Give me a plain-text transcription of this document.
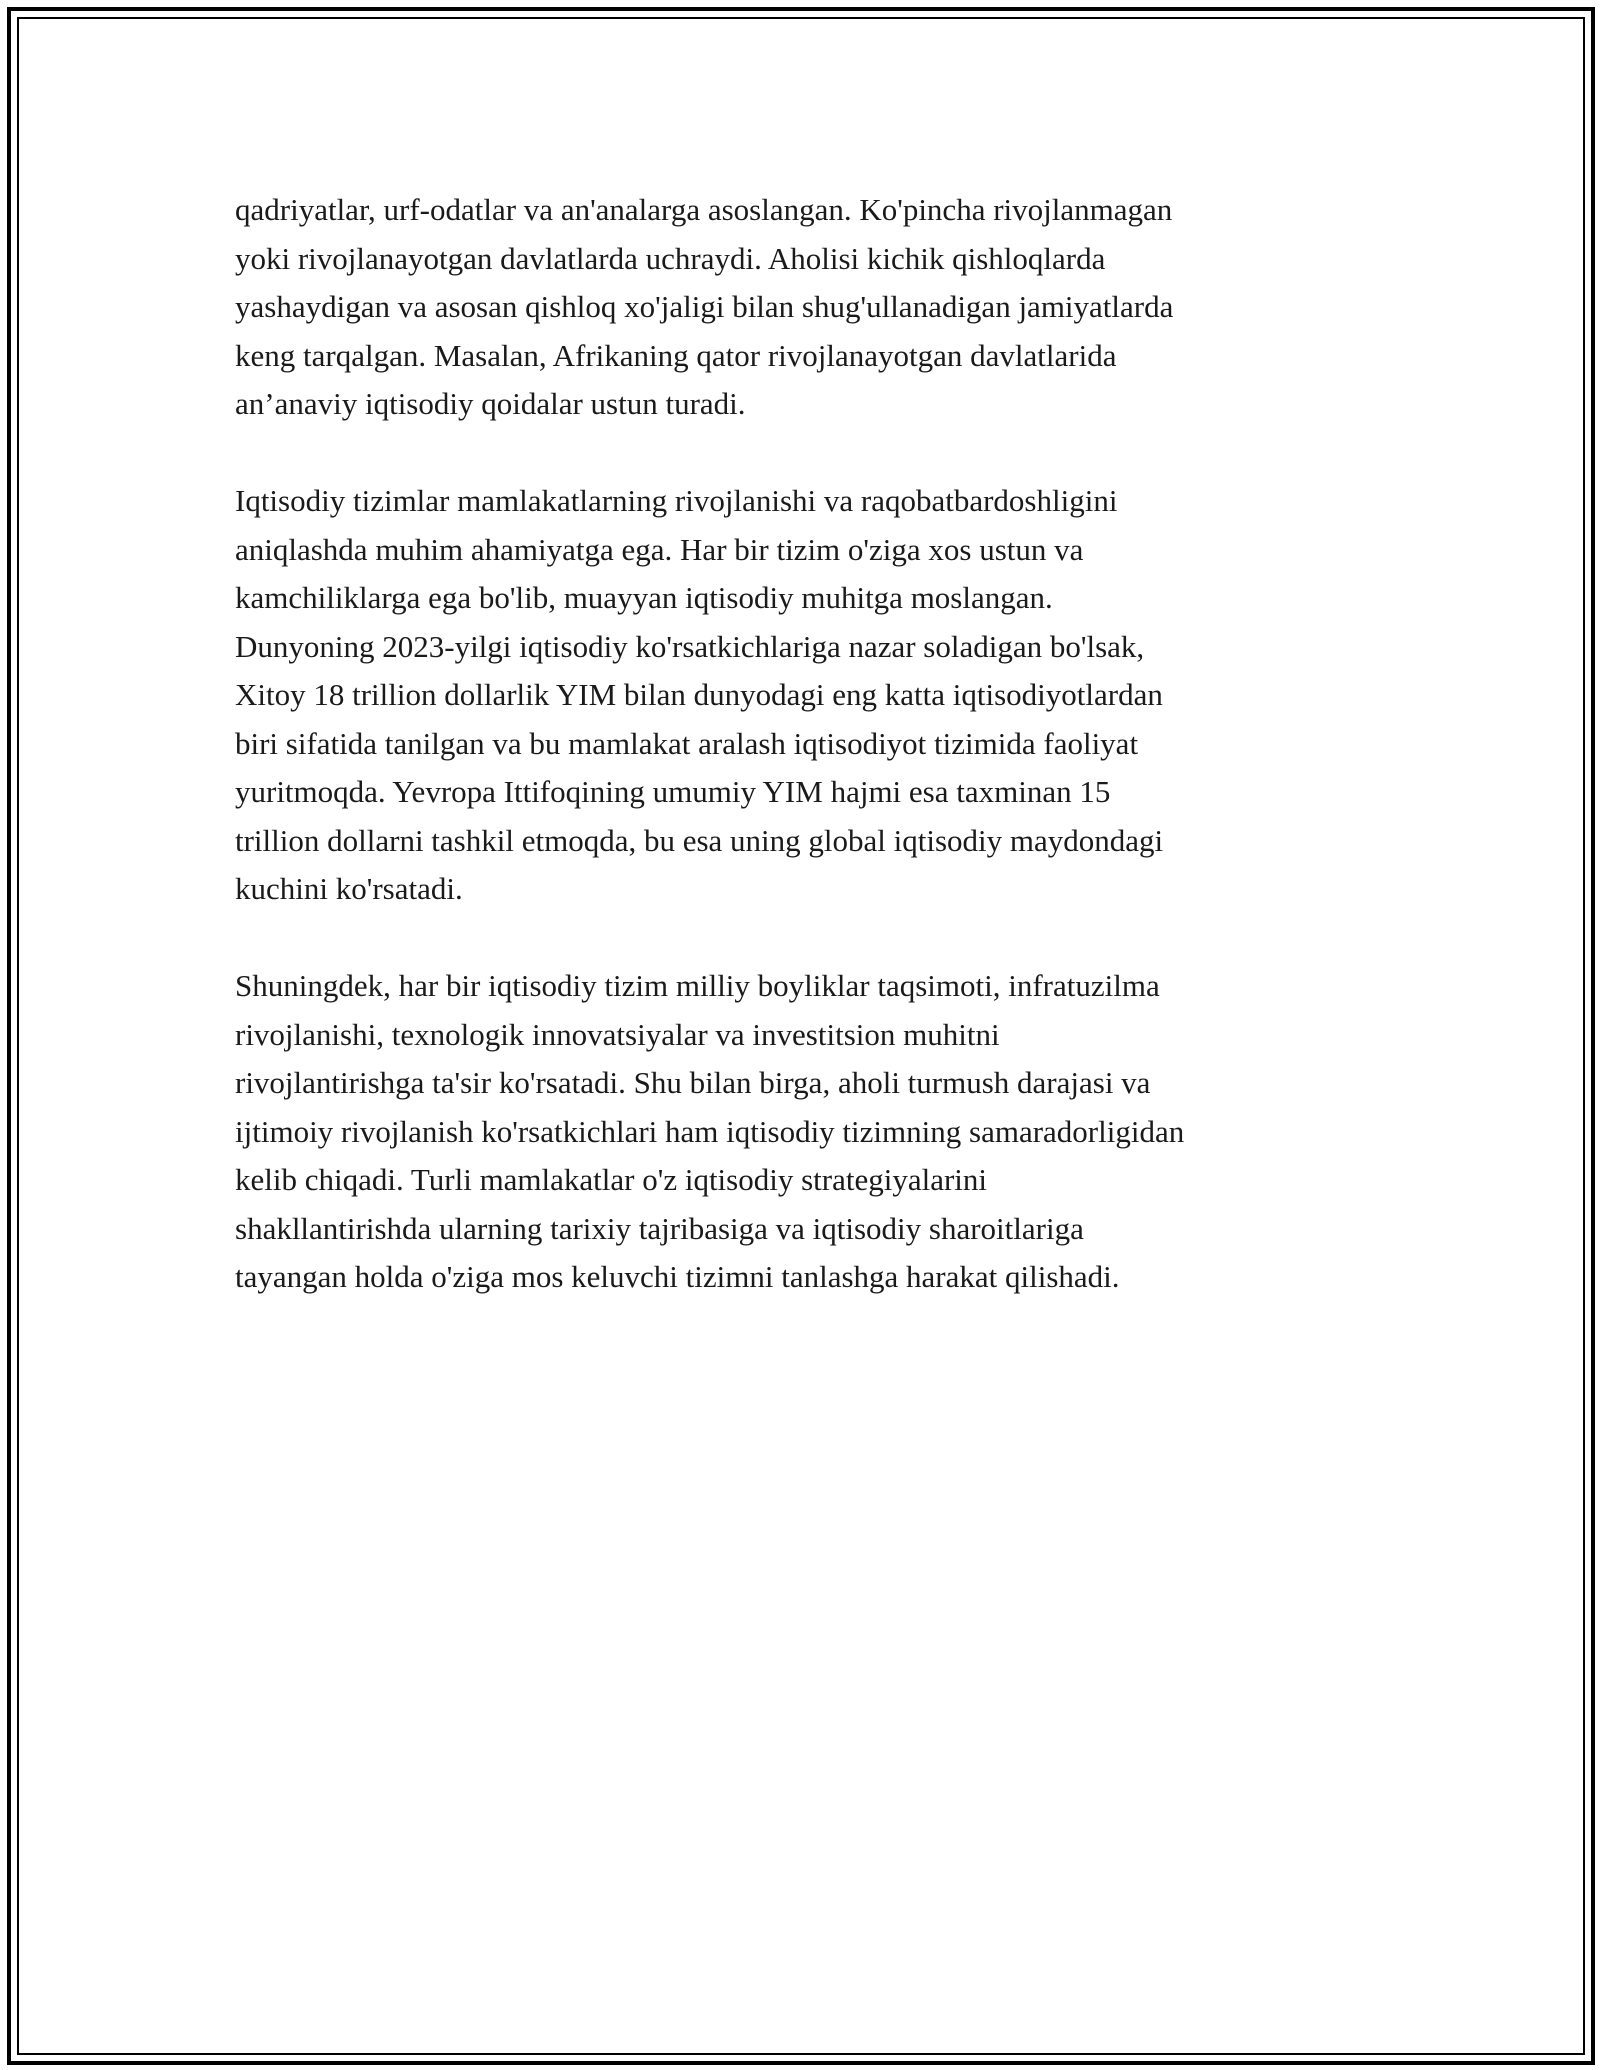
qadriyatlar, urf-odatlar va an'analarga asoslangan. Ko'pincha rivojlanmagan
yoki rivojlanayotgan davlatlarda uchraydi. Aholisi kichik qishloqlarda
yashaydigan va asosan qishloq xo'jaligi bilan shug'ullanadigan jamiyatlarda
keng tarqalgan. Masalan, Afrikaning qator rivojlanayotgan davlatlarida
an’anaviy iqtisodiy qoidalar ustun turadi.

Iqtisodiy tizimlar mamlakatlarning rivojlanishi va raqobatbardoshligini
aniqlashda muhim ahamiyatga ega. Har bir tizim o'ziga xos ustun va
kamchiliklarga ega bo'lib, muayyan iqtisodiy muhitga moslangan.
Dunyoning 2023-yilgi iqtisodiy ko'rsatkichlariga nazar soladigan bo'lsak,
Xitoy 18 trillion dollarlik YIM bilan dunyodagi eng katta iqtisodiyotlardan
biri sifatida tanilgan va bu mamlakat aralash iqtisodiyot tizimida faoliyat
yuritmoqda. Yevropa Ittifoqining umumiy YIM hajmi esa taxminan 15
trillion dollarni tashkil etmoqda, bu esa uning global iqtisodiy maydondagi
kuchini ko'rsatadi.

Shuningdek, har bir iqtisodiy tizim milliy boyliklar taqsimoti, infratuzilma
rivojlanishi, texnologik innovatsiyalar va investitsion muhitni
rivojlantirishga ta'sir ko'rsatadi. Shu bilan birga, aholi turmush darajasi va
ijtimoiy rivojlanish ko'rsatkichlari ham iqtisodiy tizimning samaradorligidan
kelib chiqadi. Turli mamlakatlar o'z iqtisodiy strategiyalarini
shakllantirishda ularning tarixiy tajribasiga va iqtisodiy sharoitlariga
tayangan holda o'ziga mos keluvchi tizimni tanlashga harakat qilishadi.
